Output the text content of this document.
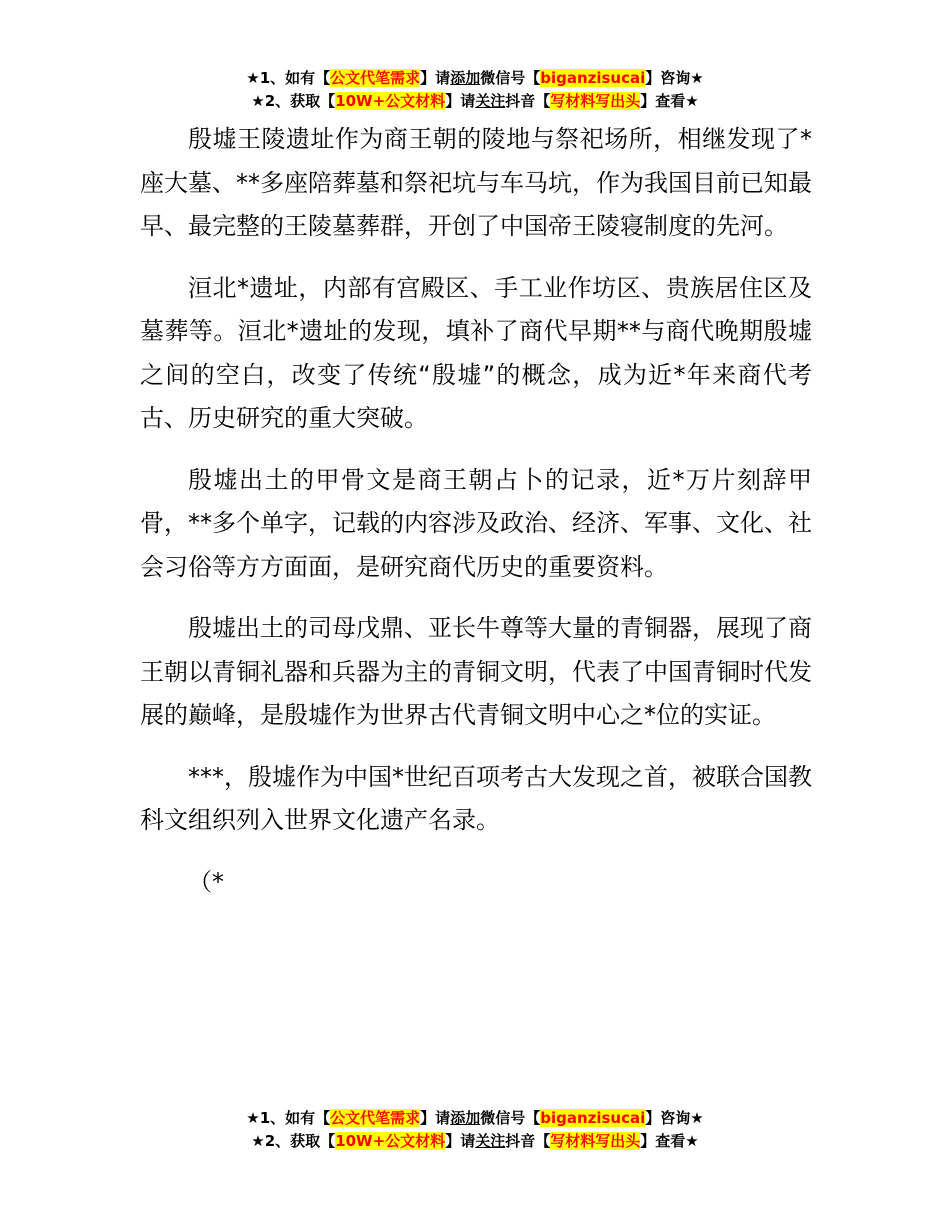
★1、如有【公文代笔需求】请添加微信号【biganzisucai】咨询★
★2、获取【10W+公文材料】请关注抖音【写材料写出头】查看★

殷墟王陵遗址作为商王朝的陵地与祭祀场所，相继发现了*座大墓、**多座陪葬墓和祭祀坑与车马坑，作为我国目前已知最早、最完整的王陵墓葬群，开创了中国帝王陵寝制度的先河。

洹北*遗址，内部有宫殿区、手工业作坊区、贵族居住区及墓葬等。洹北*遗址的发现，填补了商代早期**与商代晚期殷墟之间的空白，改变了传统“殷墟”的概念，成为近*年来商代考古、历史研究的重大突破。

殷墟出土的甲骨文是商王朝占卜的记录，近*万片刻辞甲骨，**多个单字，记载的内容涉及政治、经济、军事、文化、社会习俗等方方面面，是研究商代历史的重要资料。

殷墟出土的司母戊鼎、亚长牛尊等大量的青铜器，展现了商王朝以青铜礼器和兵器为主的青铜文明，代表了中国青铜时代发展的巅峰，是殷墟作为世界古代青铜文明中心之*位的实证。

***，殷墟作为中国*世纪百项考古大发现之首，被联合国教科文组织列入世界文化遗产名录。

（*

★1、如有【公文代笔需求】请添加微信号【biganzisucai】咨询★
★2、获取【10W+公文材料】请关注抖音【写材料写出头】查看★
